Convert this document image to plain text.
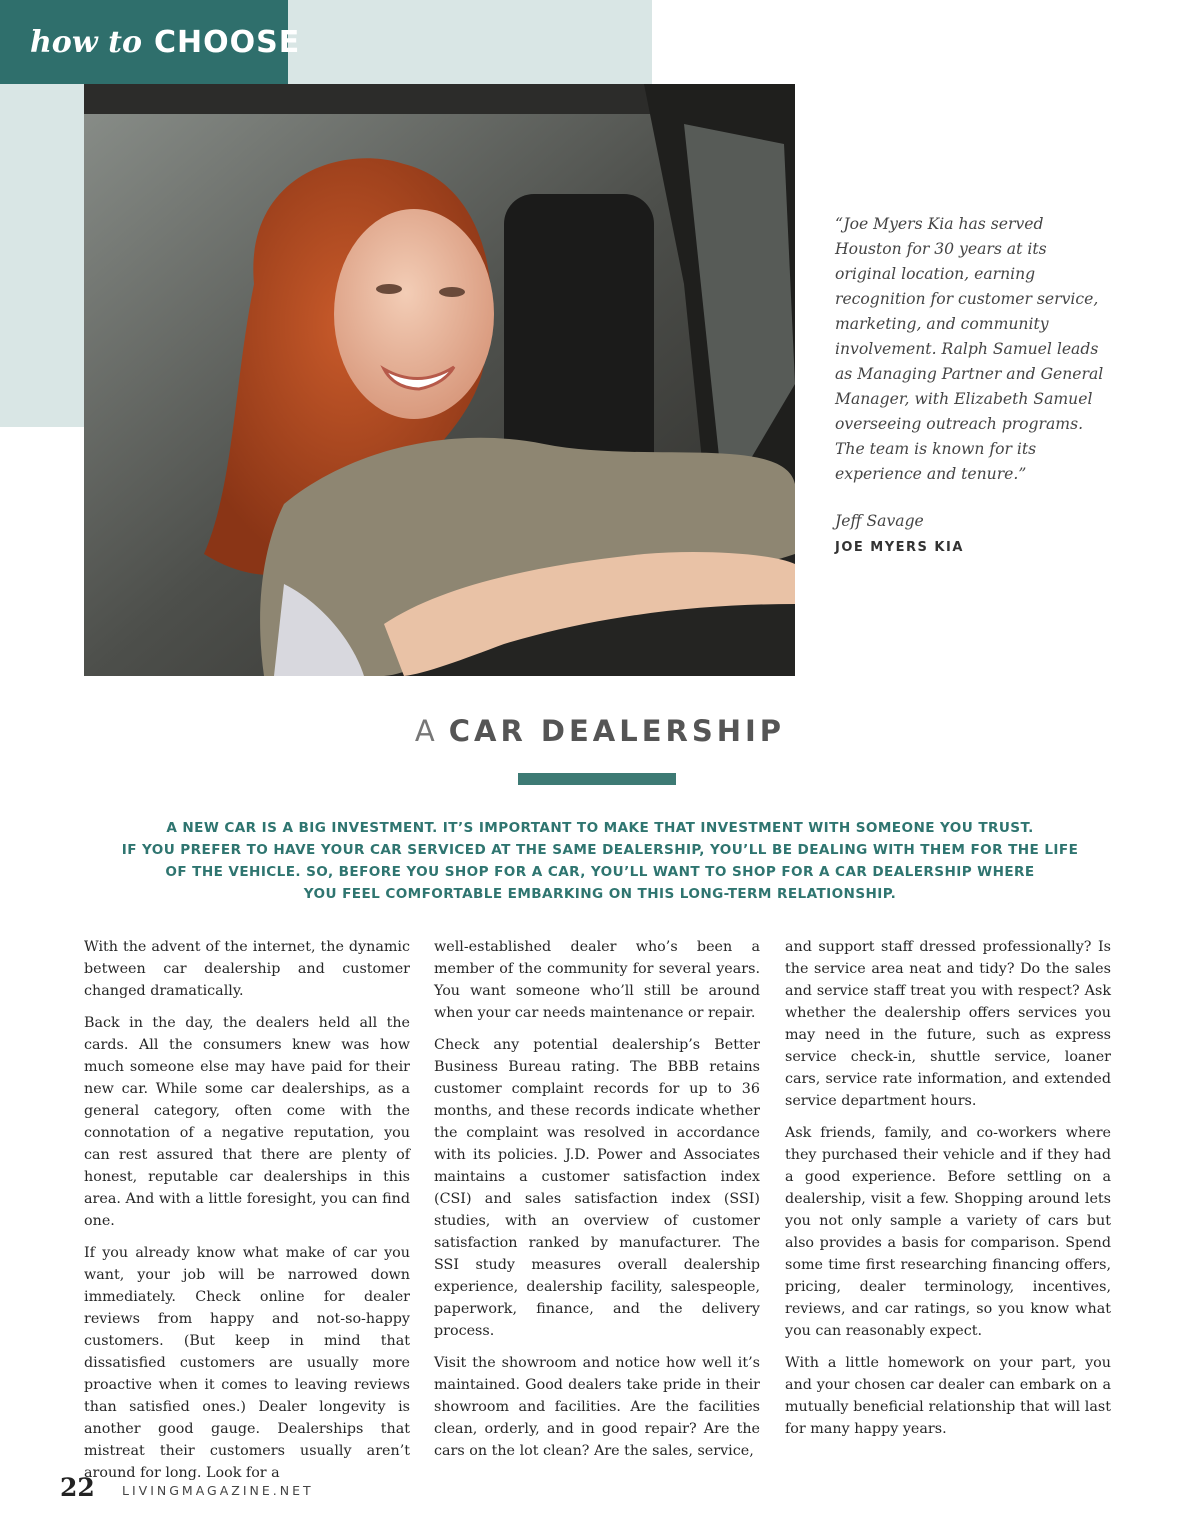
how to CHOOSE
“Joe Myers Kia has served Houston for 30 years at its original location, earning recognition for customer service, marketing, and community involvement. Ralph Samuel leads as Managing Partner and General Manager, with Elizabeth Samuel overseeing outreach programs. The team is known for its experience and tenure.”
Jeff Savage
JOE MYERS KIA
A CAR DEALERSHIP
A NEW CAR IS A BIG INVESTMENT. IT’S IMPORTANT TO MAKE THAT INVESTMENT WITH SOMEONE YOU TRUST.
IF YOU PREFER TO HAVE YOUR CAR SERVICED AT THE SAME DEALERSHIP, YOU’LL BE DEALING WITH THEM FOR THE LIFE
OF THE VEHICLE. SO, BEFORE YOU SHOP FOR A CAR, YOU’LL WANT TO SHOP FOR A CAR DEALERSHIP WHERE
YOU FEEL COMFORTABLE EMBARKING ON THIS LONG-TERM RELATIONSHIP.

With the advent of the internet, the dynamic between car dealership and customer changed dramatically.

Back in the day, the dealers held all the cards. All the consumers knew was how much someone else may have paid for their new car. While some car dealerships, as a general category, often come with the connotation of a negative reputation, you can rest assured that there are plenty of honest, reputable car dealerships in this area. And with a little foresight, you can find one.

If you already know what make of car you want, your job will be narrowed down immediately. Check online for dealer reviews from happy and not-so-happy customers. (But keep in mind that dissatisfied customers are usually more proactive when it comes to leaving reviews than satisfied ones.) Dealer longevity is another good gauge. Dealerships that mistreat their customers usually aren’t around for long. Look for a

well-established dealer who’s been a member of the community for several years. You want someone who’ll still be around when your car needs maintenance or repair.

Check any potential dealership’s Better Business Bureau rating. The BBB retains customer complaint records for up to 36 months, and these records indicate whether the complaint was resolved in accordance with its policies. J.D. Power and Associates maintains a customer satisfaction index (CSI) and sales satisfaction index (SSI) studies, with an overview of customer satisfaction ranked by manufacturer. The SSI study measures overall dealership experience, dealership facility, salespeople, paperwork, finance, and the delivery process.

Visit the showroom and notice how well it’s maintained. Good dealers take pride in their showroom and facilities. Are the facilities clean, orderly, and in good repair? Are the cars on the lot clean? Are the sales, service,

and support staff dressed professionally? Is the service area neat and tidy? Do the sales and service staff treat you with respect? Ask whether the dealership offers services you may need in the future, such as express service check-in, shuttle service, loaner cars, service rate information, and extended service department hours.

Ask friends, family, and co-workers where they purchased their vehicle and if they had a good experience. Before settling on a dealership, visit a few. Shopping around lets you not only sample a variety of cars but also provides a basis for comparison. Spend some time first researching financing offers, pricing, dealer terminology, incentives, reviews, and car ratings, so you know what you can reasonably expect.

With a little homework on your part, you and your chosen car dealer can embark on a mutually beneficial relationship that will last for many happy years.

22 LIVINGMAGAZINE.NET
